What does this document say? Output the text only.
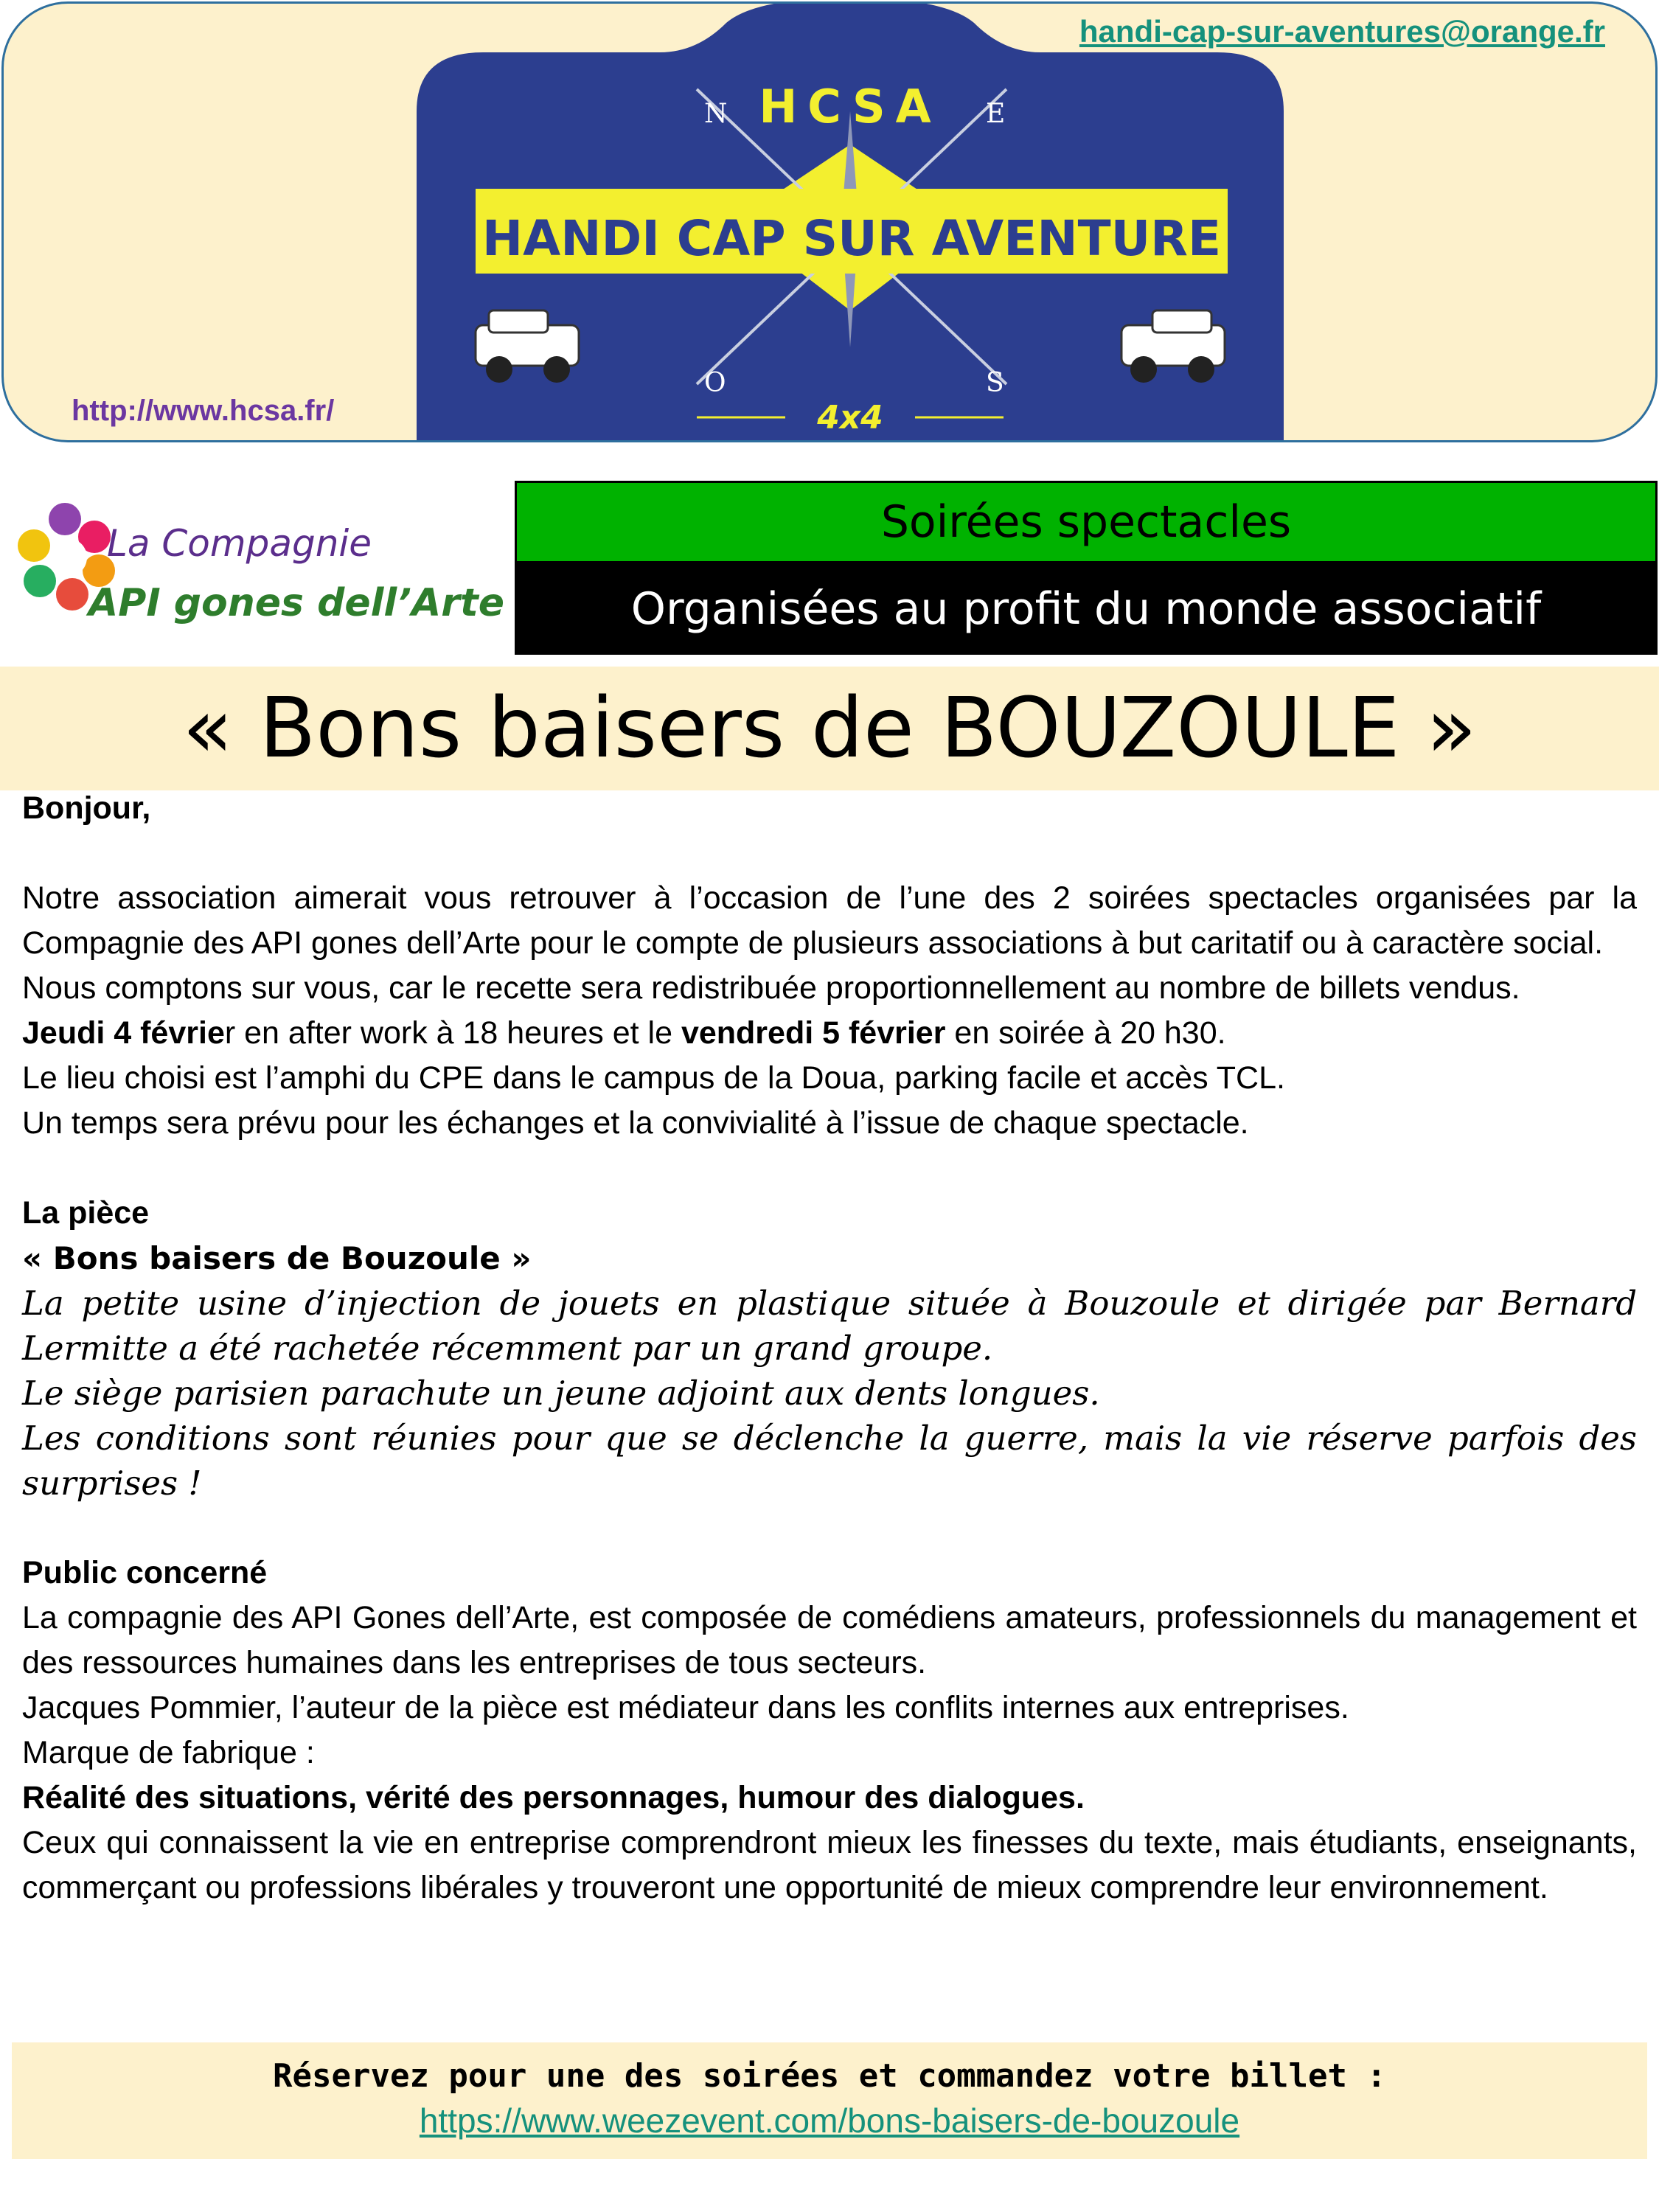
handi-cap-sur-aventures@orange.fr
http://www.hcsa.fr/
HANDI CAP SUR AVENTURE
HCSA
N	E
O	S
4x4
La Compagnie
API gones dell’Arte
Soirées spectacles
Organisées au profit du monde associatif
« Bons baisers de BOUZOULE »

Bonjour,

Notre association aimerait vous retrouver à l’occasion de l’une des 2 soirées spectacles organisées par la Compagnie des API gones dell’Arte pour le compte de plusieurs associations à but caritatif ou à caractère social.

Nous comptons sur vous, car le recette sera redistribuée proportionnellement au nombre de billets vendus.

Jeudi 4 février en after work à 18 heures et le vendredi 5 février en soirée à 20 h30.

Le lieu choisi est l’amphi du CPE dans le campus de la Doua, parking facile et accès TCL.

Un temps sera prévu pour les échanges et la convivialité à l’issue de chaque spectacle.

La pièce

« Bons baisers de Bouzoule »

La petite usine d’injection de jouets en plastique située à Bouzoule et dirigée par Bernard Lermitte a été rachetée récemment par un grand groupe.

Le siège parisien parachute un jeune adjoint aux dents longues.

Les conditions sont réunies pour que se déclenche la guerre, mais la vie réserve parfois des surprises !

Public concerné

La compagnie des API Gones dell’Arte, est composée de comédiens amateurs, professionnels du management et des ressources humaines dans les entreprises de tous secteurs.

Jacques Pommier, l’auteur de la pièce est médiateur dans les conflits internes aux entreprises.

Marque de fabrique :

Réalité des situations, vérité des personnages, humour des dialogues.

Ceux qui connaissent la vie en entreprise comprendront mieux les finesses du texte, mais étudiants, enseignants, commerçant ou professions libérales y trouveront une opportunité de mieux comprendre leur environnement.

Réservez pour une des soirées et commandez votre billet :
https://www.weezevent.com/bons-baisers-de-bouzoule
